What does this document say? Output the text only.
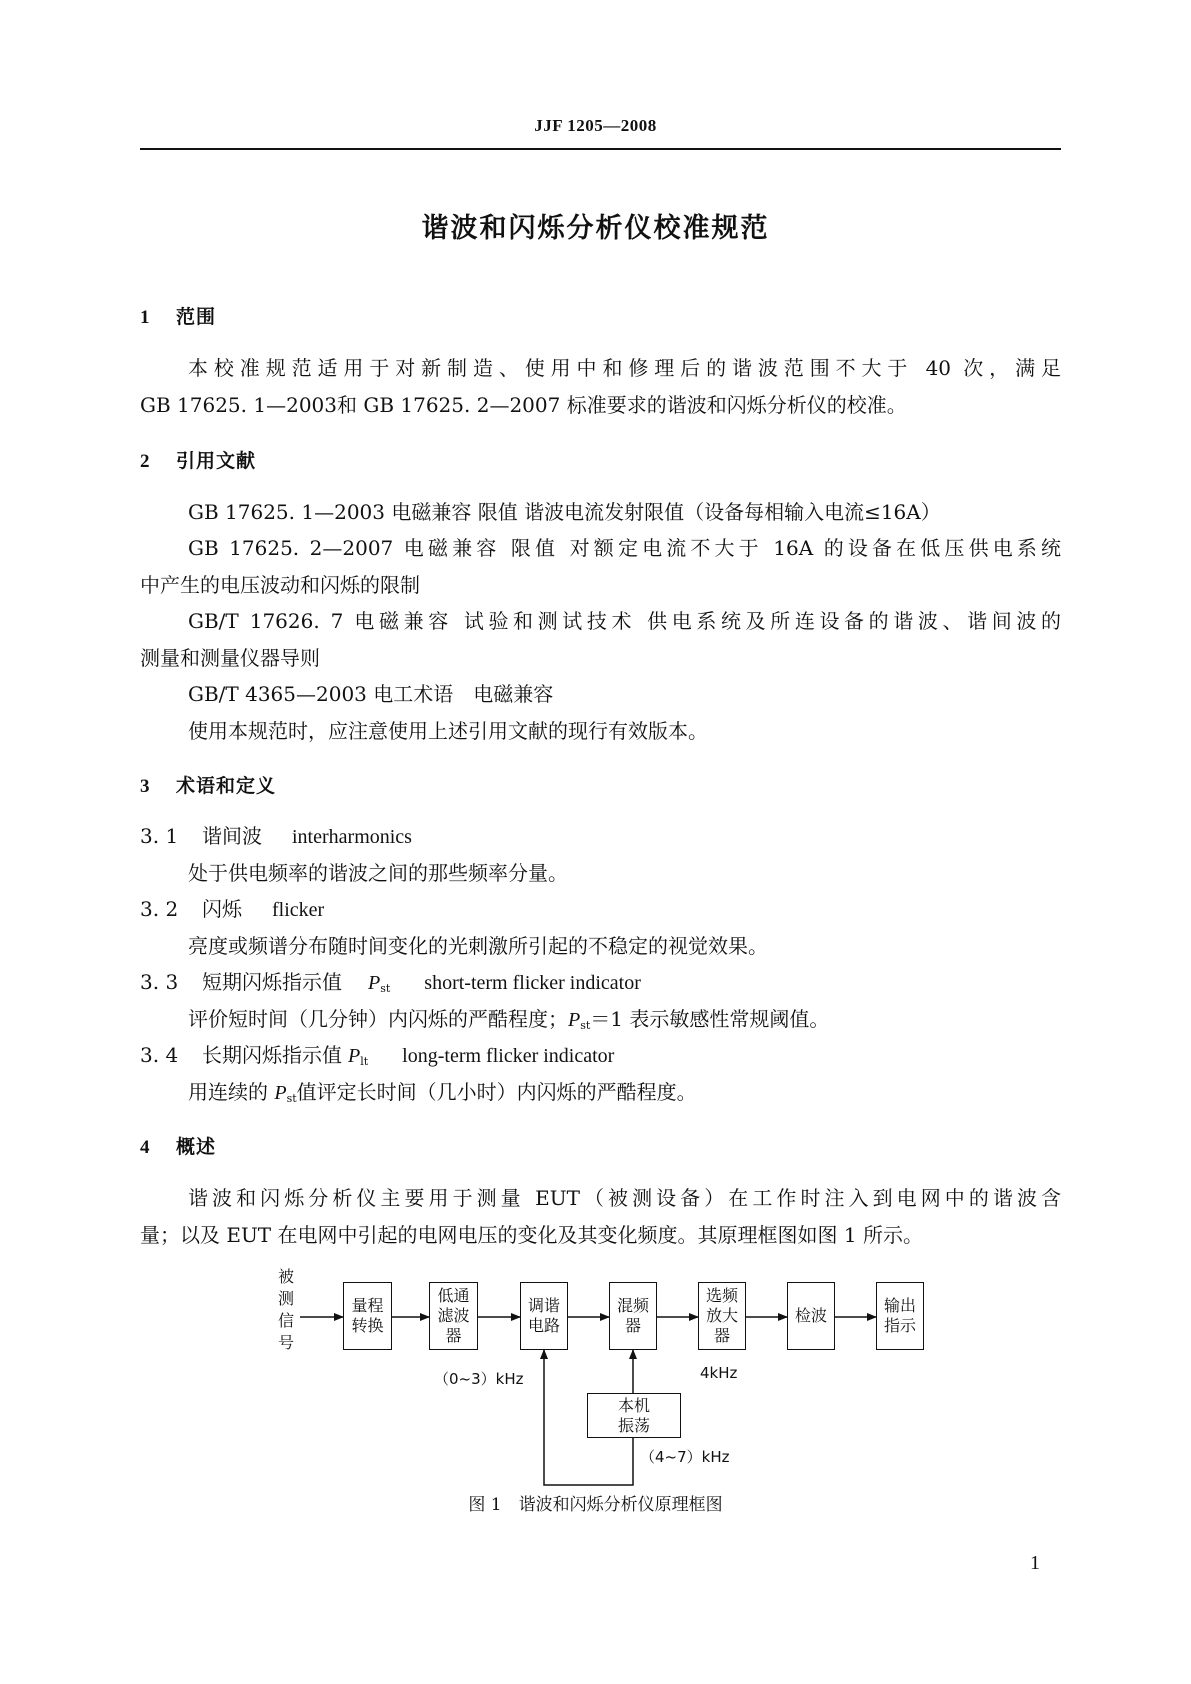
JJF 1205—2008
谐波和闪烁分析仪校准规范
1 范围
本校准规范适用于对新制造、使用中和修理后的谐波范围不大于 40 次，满足
GB 17625. 1—2003和 GB 17625. 2—2007 标准要求的谐波和闪烁分析仪的校准。
2 引用文献
GB 17625. 1—2003 电磁兼容 限值 谐波电流发射限值（设备每相输入电流≤16A）
GB 17625. 2—2007 电磁兼容 限值 对额定电流不大于 16A 的设备在低压供电系统
中产生的电压波动和闪烁的限制
GB/T 17626. 7 电磁兼容 试验和测试技术 供电系统及所连设备的谐波、谐间波的
测量和测量仪器导则
GB/T 4365—2003 电工术语　电磁兼容
使用本规范时，应注意使用上述引用文献的现行有效版本。
3 术语和定义
3. 1 谐间波 interharmonics
处于供电频率的谐波之间的那些频率分量。
3. 2 闪烁 flicker
亮度或频谱分布随时间变化的光刺激所引起的不稳定的视觉效果。
3. 3 短期闪烁指示值 $P_{st}$ short-term flicker indicator
评价短时间（几分钟）内闪烁的严酷程度；$P_{st}=1$ 表示敏感性常规阈值。
3. 4 长期闪烁指示值 $P_{lt}$ long-term flicker indicator
用连续的 $P_{st}$值评定长时间（几小时）内闪烁的严酷程度。
4 概述
谐波和闪烁分析仪主要用于测量 EUT（被测设备）在工作时注入到电网中的谐波含
量；以及 EUT 在电网中引起的电网电压的变化及其变化频度。其原理框图如图 1 所示。
被
测
信
号
量程
转换
低通
滤波
器
调谐
电路
混频器
选频
放大
器
检波
输出
指示
本机
振荡
（0~3）kHz	4kHz
（4~7）kHz
图 1　谐波和闪烁分析仪原理框图
1
